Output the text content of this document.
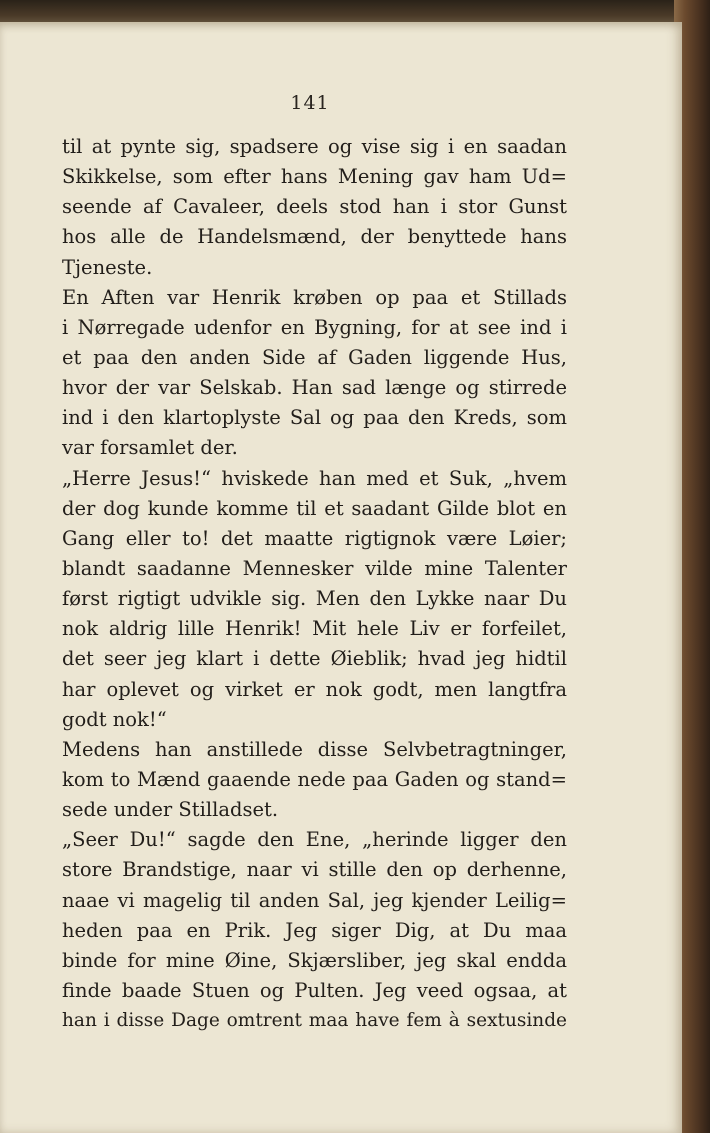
141
til at pynte sig, spadsere og vise sig i en saadan
Skikkelse, som efter hans Mening gav ham Ud=
seende af Cavaleer, deels stod han i stor Gunst
hos alle de Handelsmænd, der benyttede hans
Tjeneste.
En Aften var Henrik krøben op paa et Stillads
i Nørregade udenfor en Bygning, for at see ind i
et paa den anden Side af Gaden liggende Hus,
hvor der var Selskab. Han sad længe og stirrede
ind i den klartoplyste Sal og paa den Kreds, som
var forsamlet der.
„Herre Jesus!“ hviskede han med et Suk, „hvem
der dog kunde komme til et saadant Gilde blot en
Gang eller to! det maatte rigtignok være Løier;
blandt saadanne Mennesker vilde mine Talenter
først rigtigt udvikle sig. Men den Lykke naar Du
nok aldrig lille Henrik! Mit hele Liv er forfeilet,
det seer jeg klart i dette Øieblik; hvad jeg hidtil
har oplevet og virket er nok godt, men langtfra
godt nok!“
Medens han anstillede disse Selvbetragtninger,
kom to Mænd gaaende nede paa Gaden og stand=
sede under Stilladset.
„Seer Du!“ sagde den Ene, „herinde ligger den
store Brandstige, naar vi stille den op derhenne,
naae vi magelig til anden Sal, jeg kjender Leilig=
heden paa en Prik. Jeg siger Dig, at Du maa
binde for mine Øine, Skjærsliber, jeg skal endda
finde baade Stuen og Pulten. Jeg veed ogsaa, at
han i disse Dage omtrent maa have fem à sextusinde
